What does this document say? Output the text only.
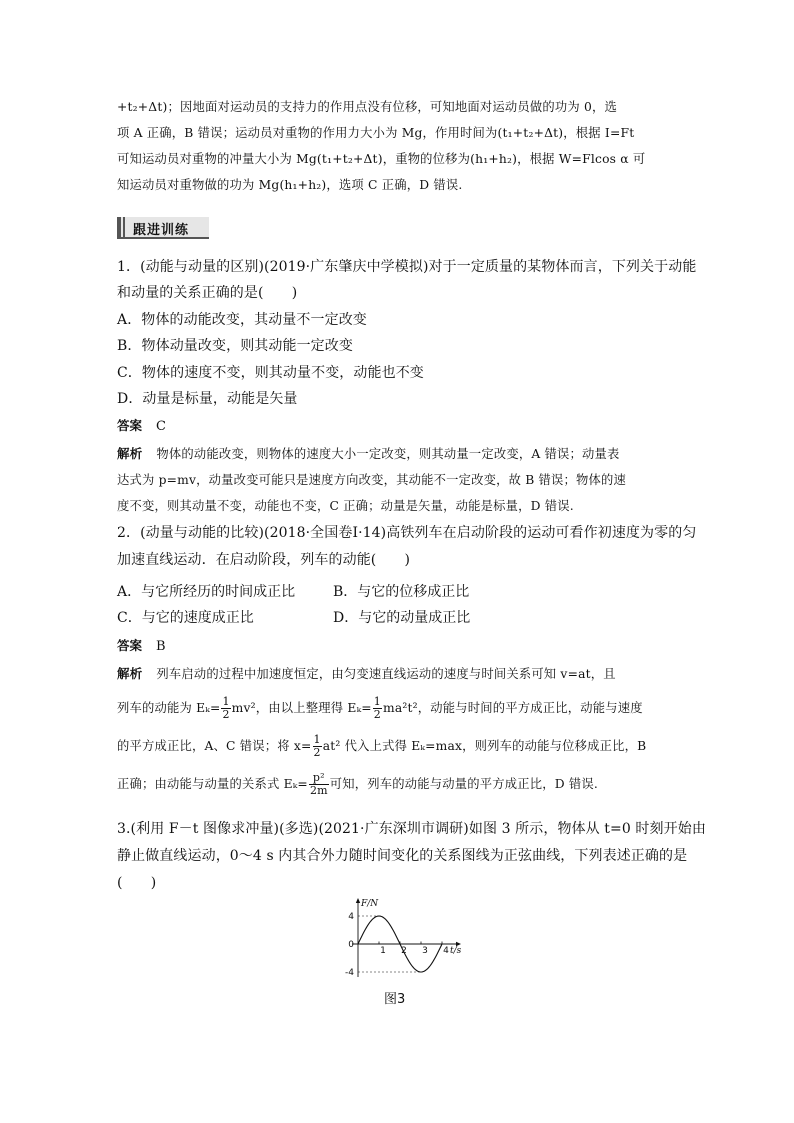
+t₂+Δt)；因地面对运动员的支持力的作用点没有位移，可知地面对运动员做的功为 0，选
项 A 正确，B 错误；运动员对重物的作用力大小为 Mg，作用时间为(t₁+t₂+Δt)，根据 I=Ft
可知运动员对重物的冲量大小为 Mg(t₁+t₂+Δt)，重物的位移为(h₁+h₂)，根据 W=Flcos α 可
知运动员对重物做的功为 Mg(h₁+h₂)，选项 C 正确，D 错误.
跟进训练
1．(动能与动量的区别)(2019·广东肇庆中学模拟)对于一定质量的某物体而言，下列关于动能
和动量的关系正确的是(　　)
A．物体的动能改变，其动量不一定改变
B．物体动量改变，则其动能一定改变
C．物体的速度不变，则其动量不变，动能也不变
D．动量是标量，动能是矢量
答案 C
解析 物体的动能改变，则物体的速度大小一定改变，则其动量一定改变，A 错误；动量表
达式为 p=mv，动量改变可能只是速度方向改变，其动能不一定改变，故 B 错误；物体的速
度不变，则其动量不变，动能也不变，C 正确；动量是矢量，动能是标量，D 错误.
2．(动量与动能的比较)(2018·全国卷Ⅰ·14)高铁列车在启动阶段的运动可看作初速度为零的匀
加速直线运动．在启动阶段，列车的动能(　　)
A．与它所经历的时间成正比	B．与它的位移成正比
C．与它的速度成正比	D．与它的动量成正比
答案 B
解析 列车启动的过程中加速度恒定，由匀变速直线运动的速度与时间关系可知 v=at，且
列车的动能为 $E_k= \frac{1}{2} mv^2$，由以上整理得 $E_k= \frac{1}{2} ma^2t^2$，动能与时间的平方成正比，动能与速度
的平方成正比，A、C 错误；将 $x= \frac{1}{2} at^2$ 代入上式得 Eₖ=max，则列车的动能与位移成正比，B
正确；由动能与动量的关系式 $E_k= \frac{\text{p²}}{2m}$ 可知，列车的动能与动量的平方成正比，D 错误.
3.(利用 F－t 图像求冲量)(多选)(2021·广东深圳市调研)如图 3 所示，物体从 t=0 时刻开始由
静止做直线运动，0～4 s 内其合外力随时间变化的关系图线为正弦曲线，下列表述正确的是
(　　)
1 2 3 4
4
0
-4
F/N
t/s
图3
